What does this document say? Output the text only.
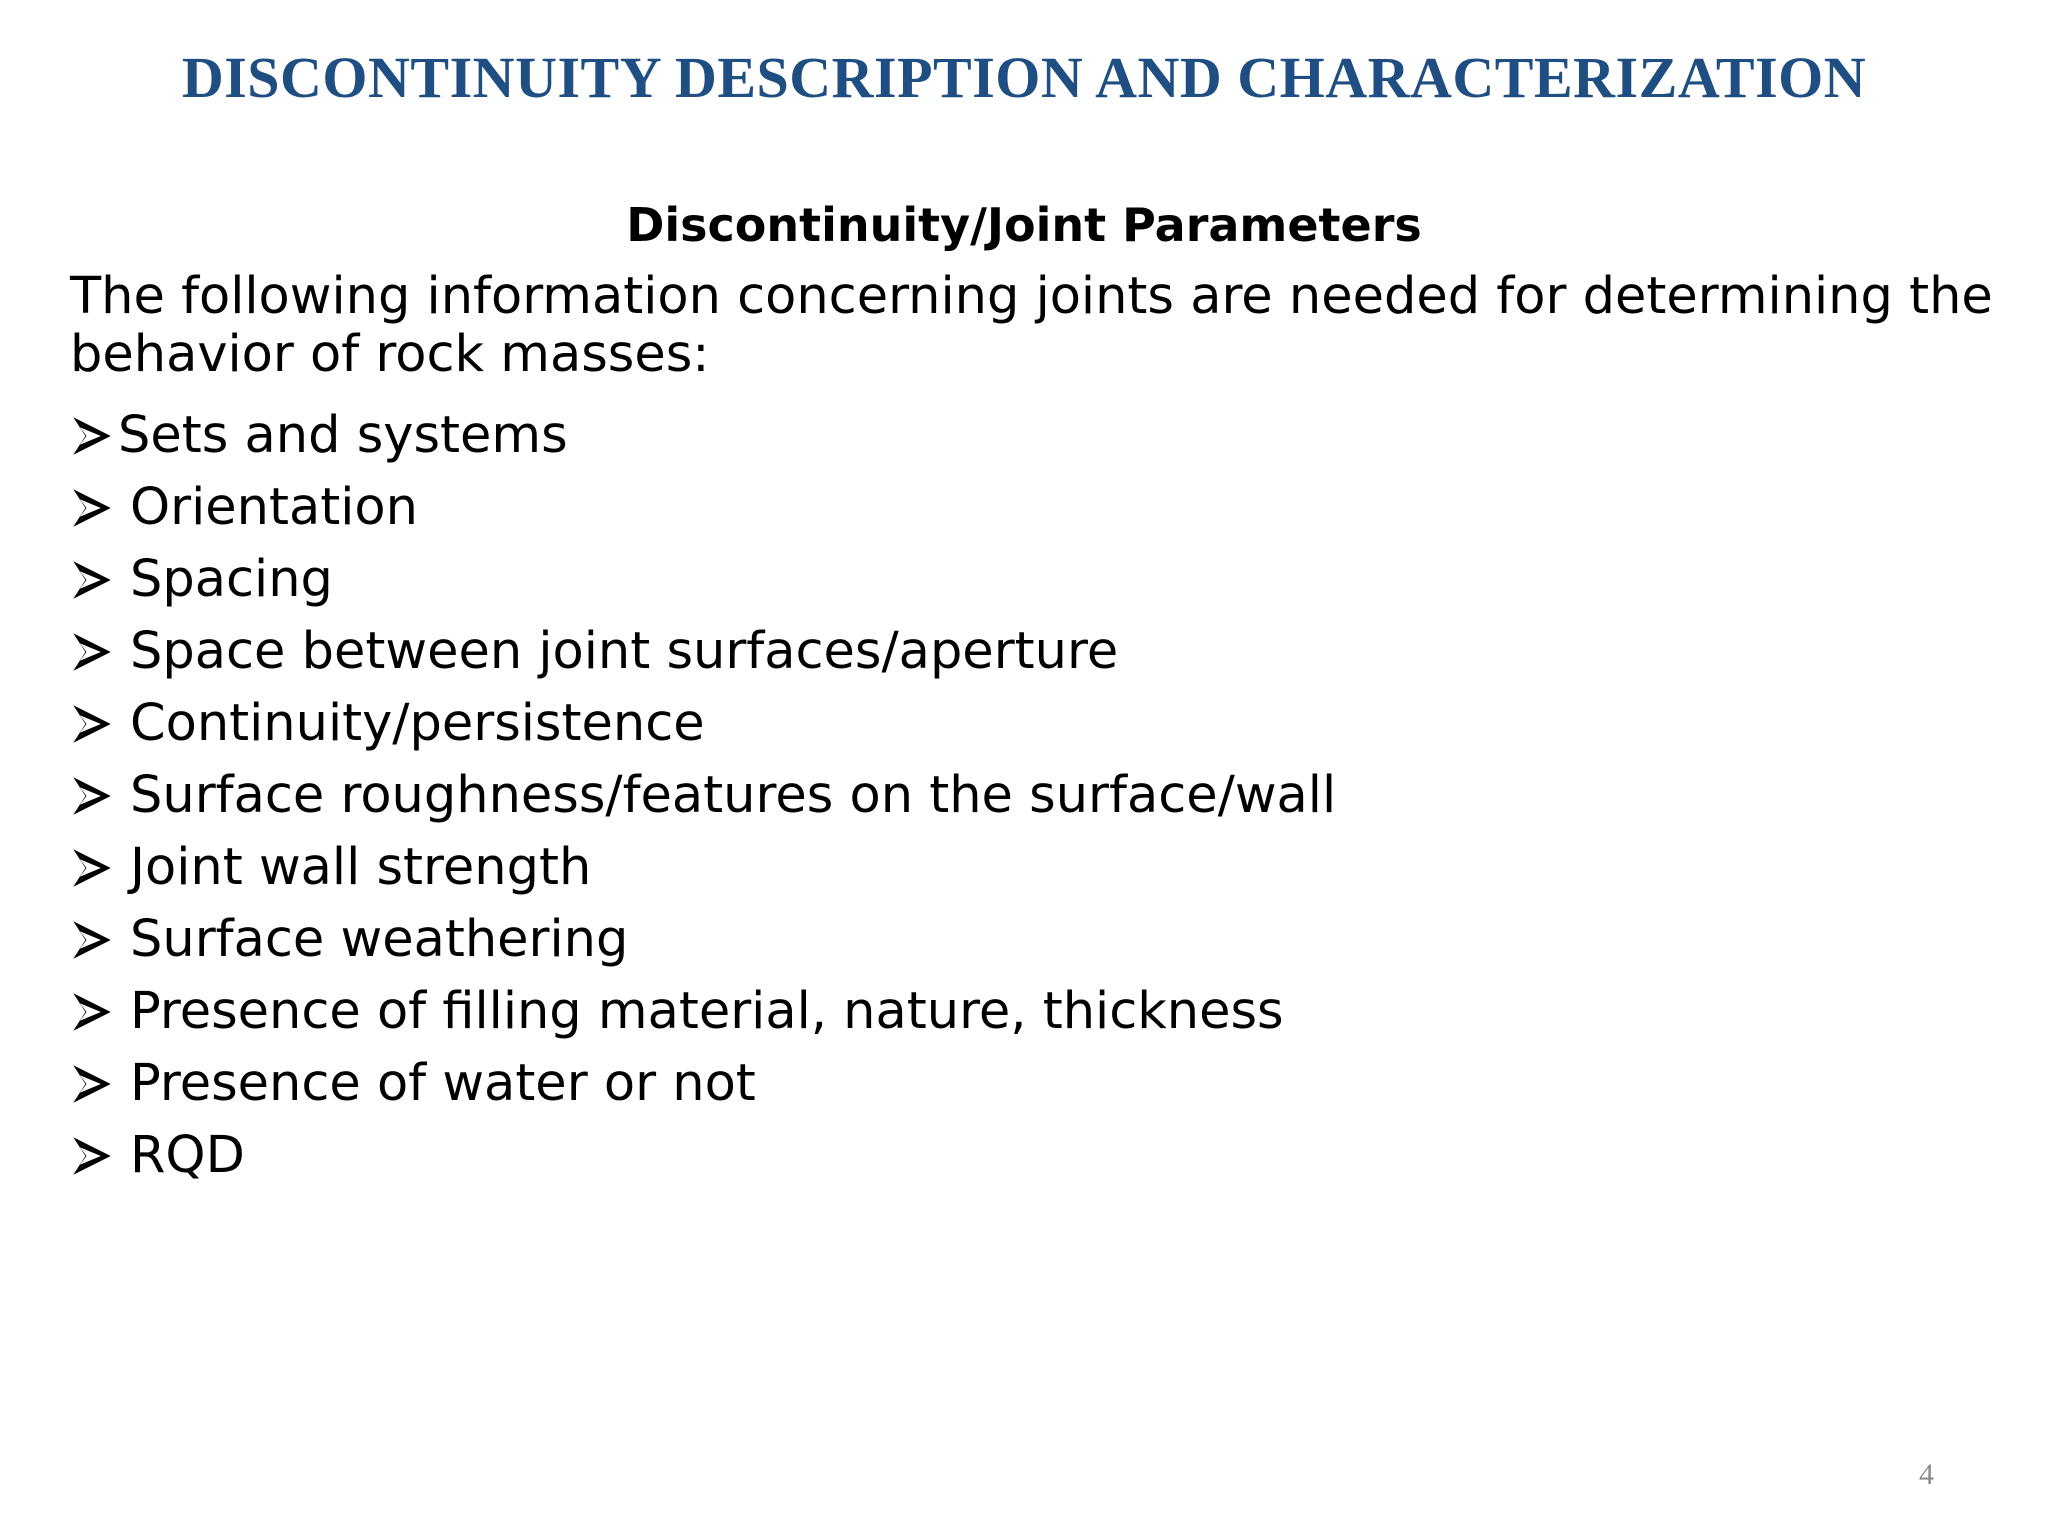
DISCONTINUITY DESCRIPTION AND CHARACTERIZATION
Discontinuity/Joint Parameters
The following information concerning joints are needed for determining the behavior of rock masses:
Sets and systems
Orientation
Spacing
Space between joint surfaces/aperture
Continuity/persistence
Surface roughness/features on the surface/wall
Joint wall strength
Surface weathering
Presence of filling material, nature, thickness
Presence of water or not
RQD
4
